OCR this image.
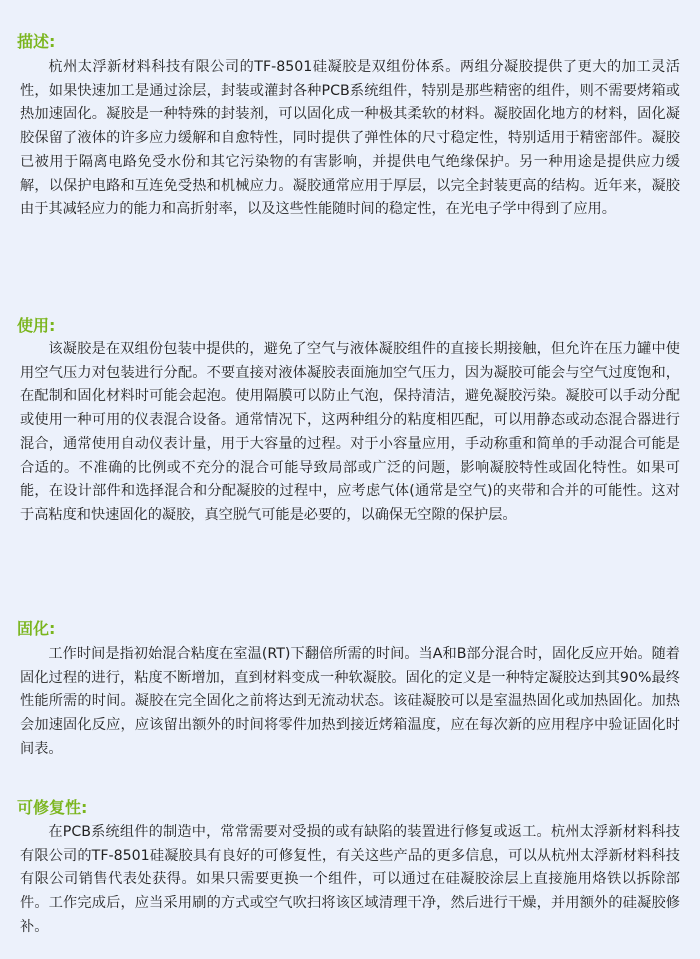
描述:

杭州太浮新材料科技有限公司的TF-8501硅凝胶是双组份体系。两组分凝胶提供了更大的加工灵活性，如果快速加工是通过涂层，封装或灌封各种PCB系统组件，特别是那些精密的组件，则不需要烤箱或热加速固化。凝胶是一种特殊的封装剂，可以固化成一种极其柔软的材料。凝胶固化地方的材料，固化凝胶保留了液体的许多应力缓解和自愈特性，同时提供了弹性体的尺寸稳定性，特别适用于精密部件。凝胶已被用于隔离电路免受水份和其它污染物的有害影响，并提供电气绝缘保护。另一种用途是提供应力缓解，以保护电路和互连免受热和机械应力。凝胶通常应用于厚层，以完全封装更高的结构。近年来，凝胶由于其减轻应力的能力和高折射率，以及这些性能随时间的稳定性，在光电子学中得到了应用。

使用:

该凝胶是在双组份包装中提供的，避免了空气与液体凝胶组件的直接长期接触，但允许在压力罐中使用空气压力对包装进行分配。不要直接对液体凝胶表面施加空气压力，因为凝胶可能会与空气过度饱和，在配制和固化材料时可能会起泡。使用隔膜可以防止气泡，保持清洁，避免凝胶污染。凝胶可以手动分配或使用一种可用的仪表混合设备。通常情况下，这两种组分的粘度相匹配，可以用静态或动态混合器进行混合，通常使用自动仪表计量，用于大容量的过程。对于小容量应用，手动称重和简单的手动混合可能是合适的。不准确的比例或不充分的混合可能导致局部或广泛的问题，影响凝胶特性或固化特性。如果可能，在设计部件和选择混合和分配凝胶的过程中，应考虑气体(通常是空气)的夹带和合并的可能性。这对于高粘度和快速固化的凝胶，真空脱气可能是必要的，以确保无空隙的保护层。

固化:

工作时间是指初始混合粘度在室温(RT)下翻倍所需的时间。当A和B部分混合时，固化反应开始。随着固化过程的进行，粘度不断增加，直到材料变成一种软凝胶。固化的定义是一种特定凝胶达到其90%最终性能所需的时间。凝胶在完全固化之前将达到无流动状态。该硅凝胶可以是室温热固化或加热固化。加热会加速固化反应，应该留出额外的时间将零件加热到接近烤箱温度，应在每次新的应用程序中验证固化时间表。

可修复性:

在PCB系统组件的制造中，常常需要对受损的或有缺陷的装置进行修复或返工。杭州太浮新材料科技有限公司的TF-8501硅凝胶具有良好的可修复性，有关这些产品的更多信息，可以从杭州太浮新材料科技有限公司销售代表处获得。如果只需要更换一个组件，可以通过在硅凝胶涂层上直接施用烙铁以拆除部件。工作完成后，应当采用刷的方式或空气吹扫将该区域清理干净，然后进行干燥，并用额外的硅凝胶修补。
